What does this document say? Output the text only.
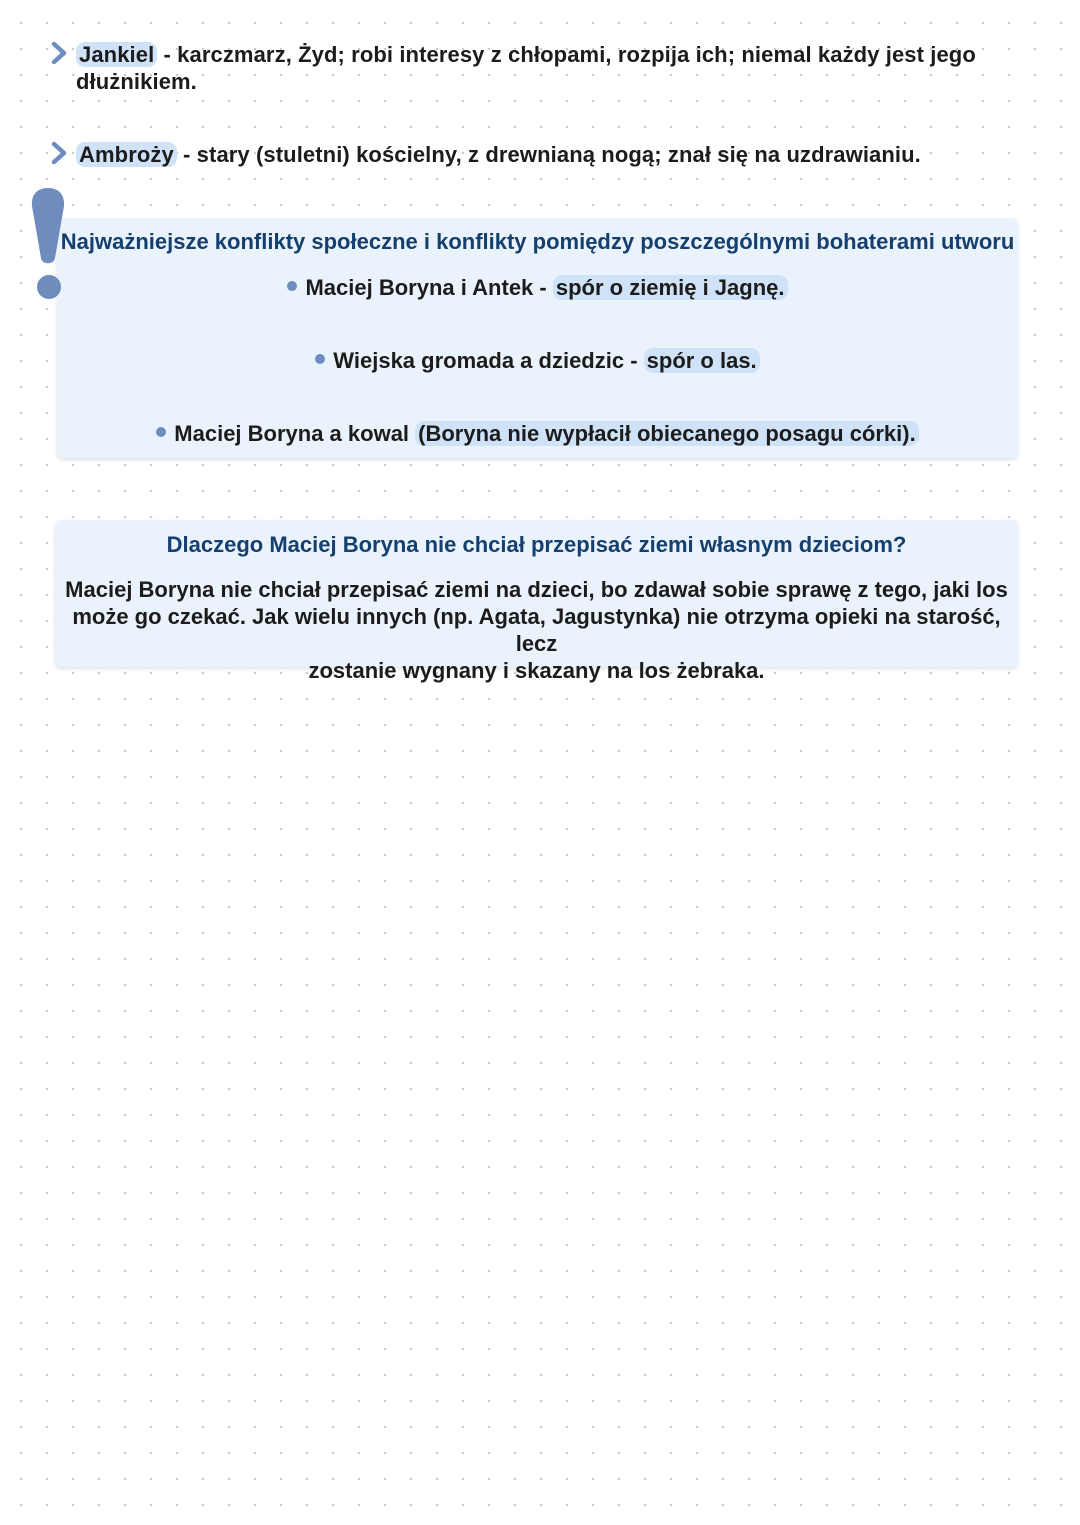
Jankiel - karczmarz, Żyd; robi interesy z chłopami, rozpija ich; niemal każdy jest jego
dłużnikiem.
Ambroży - stary (stuletni) kościelny, z drewnianą nogą; znał się na uzdrawianiu.
Najważniejsze konflikty społeczne i konflikty pomiędzy poszczególnymi bohaterami utworu
Maciej Boryna i Antek - spór o ziemię i Jagnę.
Wiejska gromada a dziedzic - spór o las.
Maciej Boryna a kowal (Boryna nie wypłacił obiecanego posagu córki).
Dlaczego Maciej Boryna nie chciał przepisać ziemi własnym dzieciom?
Maciej Boryna nie chciał przepisać ziemi na dzieci, bo zdawał sobie sprawę z tego, jaki los
może go czekać. Jak wielu innych (np. Agata, Jagustynka) nie otrzyma opieki na starość, lecz
zostanie wygnany i skazany na los żebraka.
